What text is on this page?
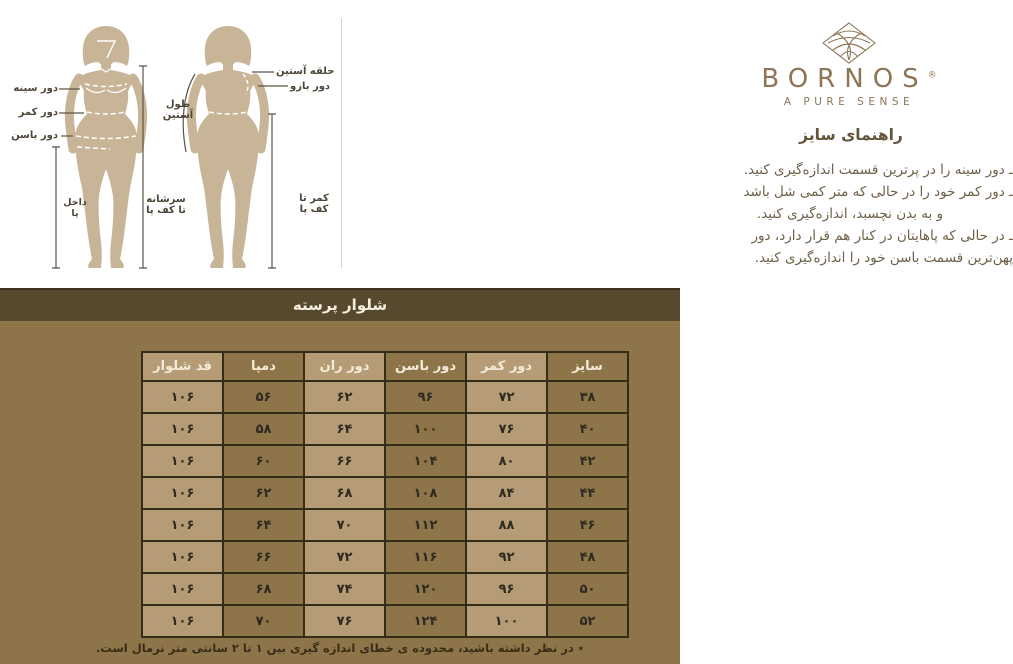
دور سینه
دور کمر
دور باسن
داخل پا
سرشانه تا کف پا
طول آستین
حلقه آستین
دور بازو
کمر تا کف پا
BORNOS®
A PURE SENSE
راهنمای سایز
ـ دور سینه را در پرترین قسمت اندازه‌گیری کنید.
ـ دور کمر خود را در حالی که متر کمی شل باشد
و به بدن نچسبد، اندازه‌گیری کنید.
ـ در حالی که پاهایتان در کنار هم قرار دارد، دور
پهن‌ترین قسمت باسن خود را اندازه‌گیری کنید.
شلوار پرسته
سایز	دور کمر	دور باسن	دور ران	دمپا	قد شلوار
۳۸	۷۲	۹۶	۶۲	۵۶	۱۰۶
۴۰	۷۶	۱۰۰	۶۴	۵۸	۱۰۶
۴۲	۸۰	۱۰۴	۶۶	۶۰	۱۰۶
۴۴	۸۴	۱۰۸	۶۸	۶۲	۱۰۶
۴۶	۸۸	۱۱۲	۷۰	۶۴	۱۰۶
۴۸	۹۲	۱۱۶	۷۲	۶۶	۱۰۶
۵۰	۹۶	۱۲۰	۷۴	۶۸	۱۰۶
۵۲	۱۰۰	۱۲۴	۷۶	۷۰	۱۰۶
٭ در نظر داشته باشید، محدوده ی خطای اندازه گیری بین ۱ تا ۲ سانتی متر نرمال است.
